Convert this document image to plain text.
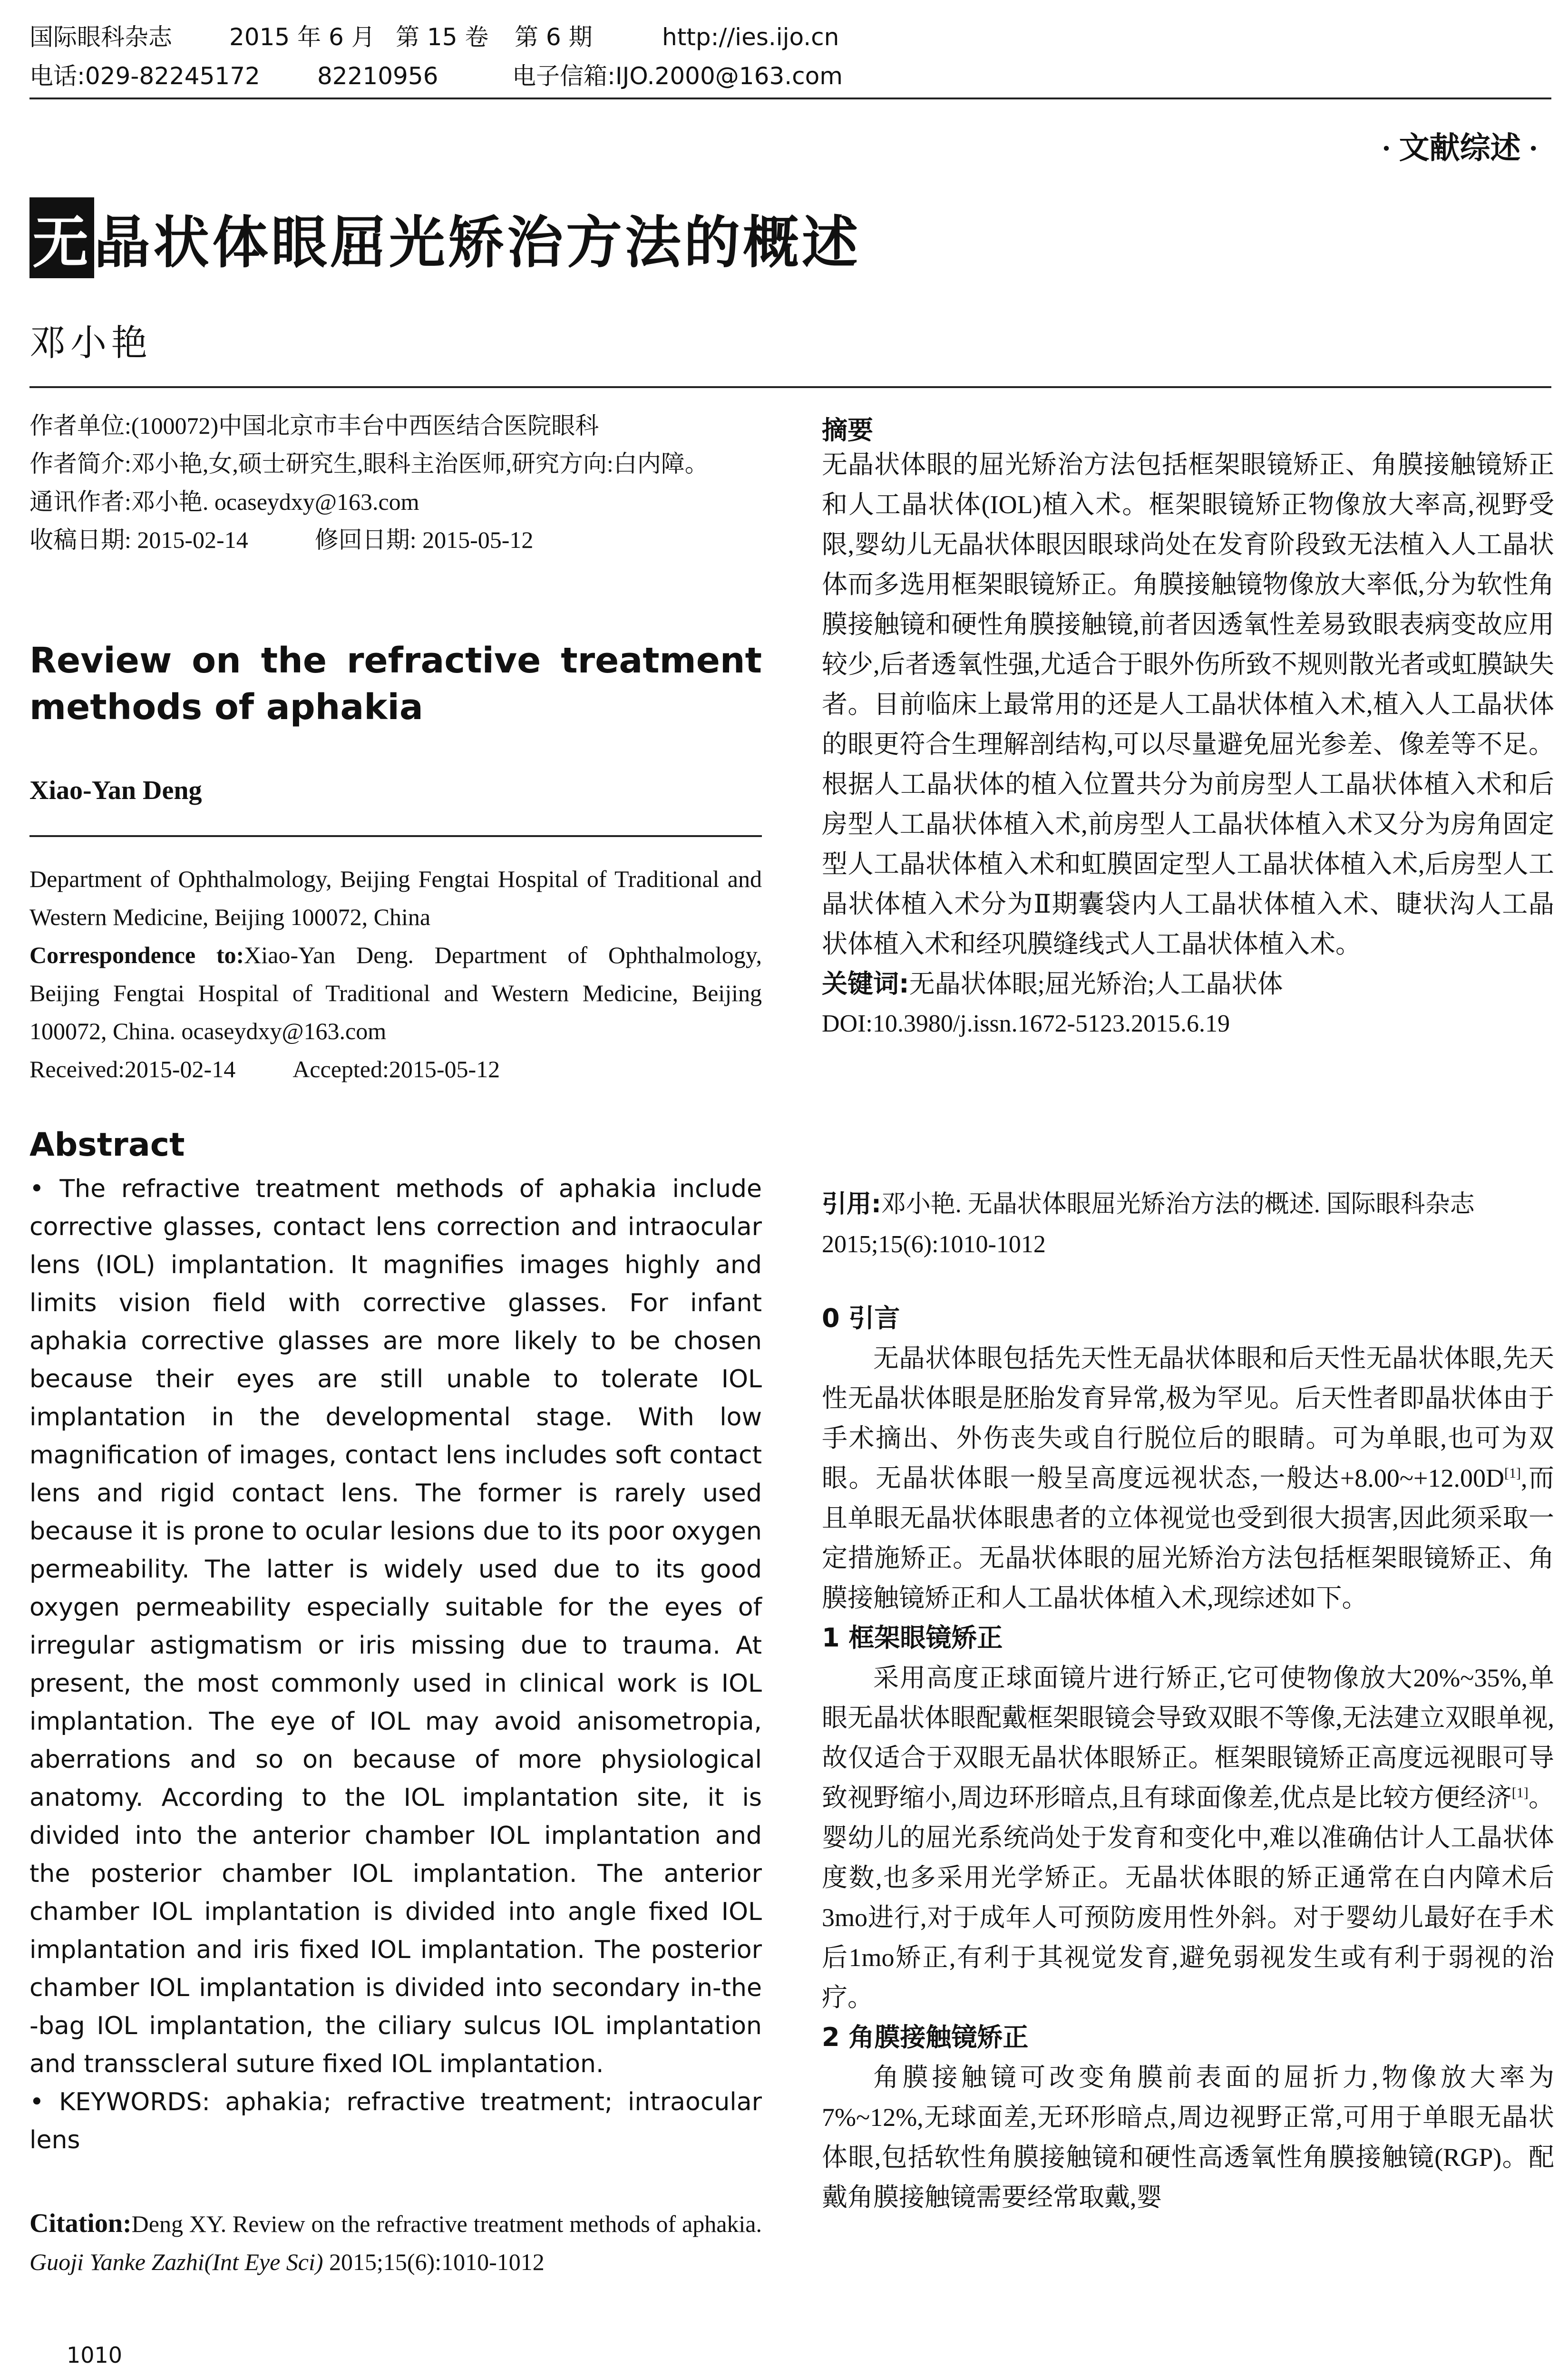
国际眼科杂志 2015 年 6 月 第 15 卷 第 6 期	http://ies.ijo.cn
电话:029-82245172 82210956	电子信箱:IJO.2000@163.com
· 文献综述 ·
无晶状体眼屈光矫治方法的概述
邓小艳

作者单位:(100072)中国北京市丰台中西医结合医院眼科

作者简介:邓小艳,女,硕士研究生,眼科主治医师,研究方向:白内障。

通讯作者:邓小艳. ocaseydxy@163.com

收稿日期: 2015-02-14	修回日期: 2015-05-12

Review on the refractive treatment methods of aphakia
Xiao-Yan Deng

Department of Ophthalmology, Beijing Fengtai Hospital of Traditional and Western Medicine, Beijing 100072, China

Correspondence to:Xiao-Yan Deng. Department of Ophthalmology, Beijing Fengtai Hospital of Traditional and Western Medicine, Beijing 100072, China. ocaseydxy@163.com

Received:2015-02-14 Accepted:2015-05-12

Abstract

• The refractive treatment methods of aphakia include corrective glasses, contact lens correction and intraocular lens (IOL) implantation. It magnifies images highly and limits vision field with corrective glasses. For infant aphakia corrective glasses are more likely to be chosen because their eyes are still unable to tolerate IOL implantation in the developmental stage. With low magnification of images, contact lens includes soft contact lens and rigid contact lens. The former is rarely used because it is prone to ocular lesions due to its poor oxygen permeability. The latter is widely used due to its good oxygen permeability especially suitable for the eyes of irregular astigmatism or iris missing due to trauma. At present, the most commonly used in clinical work is IOL implantation. The eye of IOL may avoid anisometropia, aberrations and so on because of more physiological anatomy. According to the IOL implantation site, it is divided into the anterior chamber IOL implantation and the posterior chamber IOL implantation. The anterior chamber IOL implantation is divided into angle fixed IOL implantation and iris fixed IOL implantation. The posterior chamber IOL implantation is divided into secondary in-the -bag IOL implantation, the ciliary sulcus IOL implantation and transscleral suture fixed IOL implantation.

• KEYWORDS: aphakia; refractive treatment; intraocular lens

Citation:Deng XY. Review on the refractive treatment methods of aphakia. Guoji Yanke Zazhi(Int Eye Sci) 2015;15(6):1010-1012
1010
摘要

无晶状体眼的屈光矫治方法包括框架眼镜矫正、角膜接触镜矫正和人工晶状体(IOL)植入术。框架眼镜矫正物像放大率高,视野受限,婴幼儿无晶状体眼因眼球尚处在发育阶段致无法植入人工晶状体而多选用框架眼镜矫正。角膜接触镜物像放大率低,分为软性角膜接触镜和硬性角膜接触镜,前者因透氧性差易致眼表病变故应用较少,后者透氧性强,尤适合于眼外伤所致不规则散光者或虹膜缺失者。目前临床上最常用的还是人工晶状体植入术,植入人工晶状体的眼更符合生理解剖结构,可以尽量避免屈光参差、像差等不足。根据人工晶状体的植入位置共分为前房型人工晶状体植入术和后房型人工晶状体植入术,前房型人工晶状体植入术又分为房角固定型人工晶状体植入术和虹膜固定型人工晶状体植入术,后房型人工晶状体植入术分为Ⅱ期囊袋内人工晶状体植入术、睫状沟人工晶状体植入术和经巩膜缝线式人工晶状体植入术。

关键词:无晶状体眼;屈光矫治;人工晶状体

DOI:10.3980/j.issn.1672-5123.2015.6.19

引用:邓小艳. 无晶状体眼屈光矫治方法的概述. 国际眼科杂志 2015;15(6):1010-1012

0 引言

无晶状体眼包括先天性无晶状体眼和后天性无晶状体眼,先天性无晶状体眼是胚胎发育异常,极为罕见。后天性者即晶状体由于手术摘出、外伤丧失或自行脱位后的眼睛。可为单眼,也可为双眼。无晶状体眼一般呈高度远视状态,一般达+8.00~+12.00D[1],而且单眼无晶状体眼患者的立体视觉也受到很大损害,因此须采取一定措施矫正。无晶状体眼的屈光矫治方法包括框架眼镜矫正、角膜接触镜矫正和人工晶状体植入术,现综述如下。

1 框架眼镜矫正

采用高度正球面镜片进行矫正,它可使物像放大20%~35%,单眼无晶状体眼配戴框架眼镜会导致双眼不等像,无法建立双眼单视,故仅适合于双眼无晶状体眼矫正。框架眼镜矫正高度远视眼可导致视野缩小,周边环形暗点,且有球面像差,优点是比较方便经济[1]。婴幼儿的屈光系统尚处于发育和变化中,难以准确估计人工晶状体度数,也多采用光学矫正。无晶状体眼的矫正通常在白内障术后3mo进行,对于成年人可预防废用性外斜。对于婴幼儿最好在手术后1mo矫正,有利于其视觉发育,避免弱视发生或有利于弱视的治疗。

2 角膜接触镜矫正

角膜接触镜可改变角膜前表面的屈折力,物像放大率为7%~12%,无球面差,无环形暗点,周边视野正常,可用于单眼无晶状体眼,包括软性角膜接触镜和硬性高透氧性角膜接触镜(RGP)。配戴角膜接触镜需要经常取戴,婴
